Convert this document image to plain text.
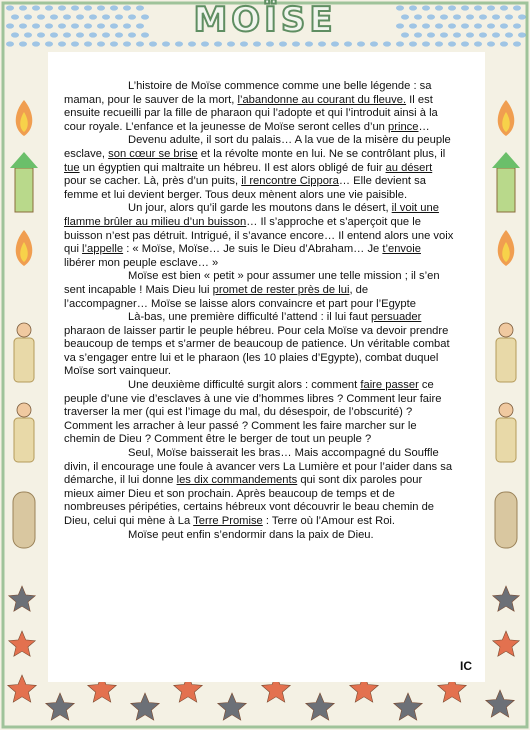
MOÏSE

L’histoire de Moïse commence comme une belle légende : sa maman, pour le sauver de la mort, l’abandonne au courant du fleuve. Il est ensuite recueilli par la fille de pharaon qui l’adopte et qui l’introduit ainsi à la cour royale. L’enfance et la jeunesse de Moïse seront celles d’un prince…

Devenu adulte, il sort du palais… A la vue de la misère du peuple esclave, son cœur se brise et la révolte monte en lui. Ne se contrôlant plus, il tue un égyptien qui maltraite un hébreu. Il est alors obligé de fuir au désert pour se cacher. Là, près d’un puits, il rencontre Cippora… Elle devient sa femme et lui devient berger. Tous deux mènent alors une vie paisible.

Un jour, alors qu’il garde les moutons dans le désert, il voit une flamme brûler au milieu d’un buisson… Il s’approche et s’aperçoit que le buisson n’est pas détruit. Intrigué, il s’avance encore… Il entend alors une voix qui l’appelle : « Moïse, Moïse… Je suis le Dieu d’Abraham… Je t’envoie libérer mon peuple esclave… »

Moïse est bien « petit » pour assumer une telle mission ; il s’en sent incapable ! Mais Dieu lui promet de rester près de lui, de l’accompagner… Moïse se laisse alors convaincre et part pour l’Egypte

Là-bas, une première difficulté l’attend : il lui faut persuader pharaon de laisser partir le peuple hébreu. Pour cela Moïse va devoir prendre beaucoup de temps et s’armer de beaucoup de patience. Un véritable combat va s’engager entre lui et le pharaon (les 10 plaies d’Egypte), combat duquel Moïse sort vainqueur.

Une deuxième difficulté surgit alors : comment faire passer ce peuple d’une vie d’esclaves à une vie d’hommes libres ? Comment leur faire traverser la mer (qui est l’image du mal, du désespoir, de l’obscurité) ? Comment les arracher à leur passé ? Comment les faire marcher sur le chemin de Dieu ? Comment être le berger de tout un peuple ?

Seul, Moïse baisserait les bras… Mais accompagné du Souffle divin, il encourage une foule à avancer vers La Lumière et pour l’aider dans sa démarche, il lui donne les dix commandements qui sont dix paroles pour mieux aimer Dieu et son prochain. Après beaucoup de temps et de nombreuses péripéties, certains hébreux vont découvrir le beau chemin de Dieu, celui qui mène à La Terre Promise : Terre où l’Amour est Roi.

Moïse peut enfin s’endormir dans la paix de Dieu.

IC
